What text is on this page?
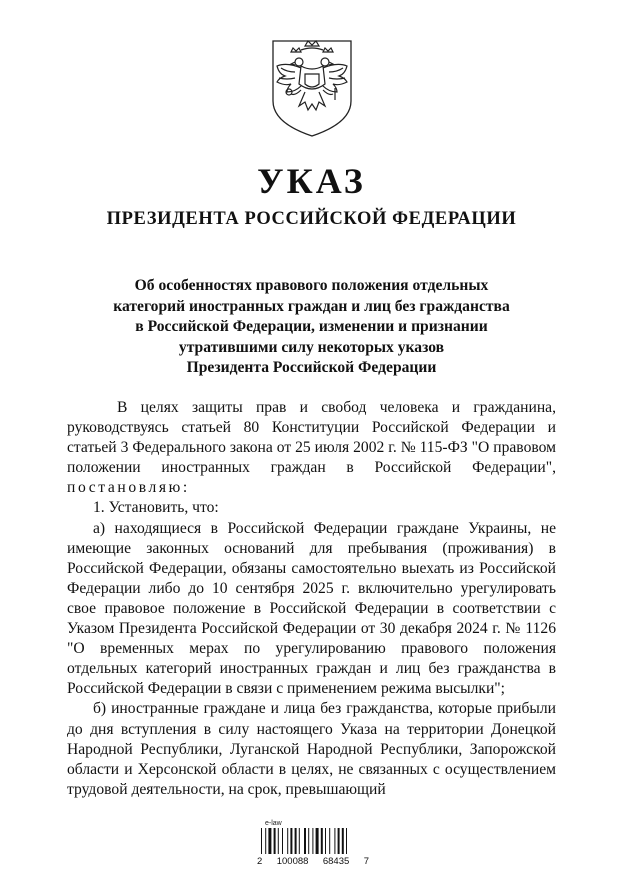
УКАЗ
ПРЕЗИДЕНТА РОССИЙСКОЙ ФЕДЕРАЦИИ
Об особенностях правового положения отдельных
категорий иностранных граждан и лиц без гражданства
в Российской Федерации, изменении и признании
утратившими силу некоторых указов
Президента Российской Федерации

В целях защиты прав и свобод человека и гражданина, руководствуясь статьей 80 Конституции Российской Федерации и статьей 3 Федерального закона от 25 июля 2002 г. № 115-ФЗ "О правовом положении иностранных граждан в Российской Федерации", постановляю:

1. Установить, что:

а) находящиеся в Российской Федерации граждане Украины, не имеющие законных оснований для пребывания (проживания) в Российской Федерации, обязаны самостоятельно выехать из Российской Федерации либо до 10 сентября 2025 г. включительно урегулировать свое правовое положение в Российской Федерации в соответствии с Указом Президента Российской Федерации от 30 декабря 2024 г. № 1126 "О временных мерах по урегулированию правового положения отдельных категорий иностранных граждан и лиц без гражданства в Российской Федерации в связи с применением режима высылки";

б) иностранные граждане и лица без гражданства, которые прибыли до дня вступления в силу настоящего Указа на территории Донецкой Народной Республики, Луганской Народной Республики, Запорожской области и Херсонской области в целях, не связанных с осуществлением трудовой деятельности, на срок, превышающий

e-law
2 100088 68435 7
